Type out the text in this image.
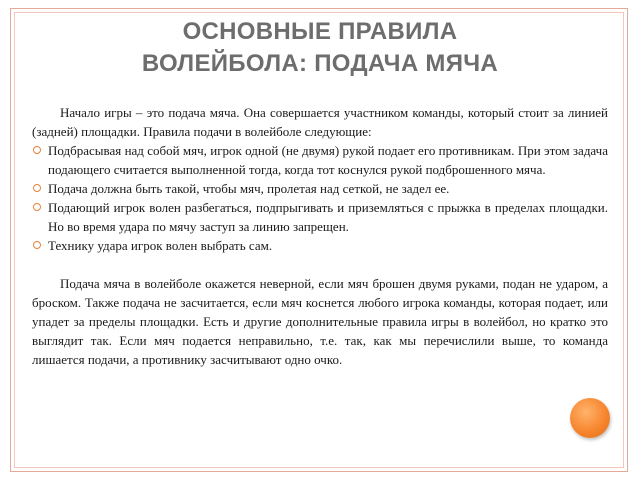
ОСНОВНЫЕ ПРАВИЛА
ВОЛЕЙБОЛА: ПОДАЧА МЯЧА

Начало игры – это подача мяча. Она совершается участником команды, который стоит за линией (задней) площадки. Правила подачи в волейболе следующие:

Подбрасывая над собой мяч, игрок одной (не двумя) рукой подает его противникам. При этом задача подающего считается выполненной тогда, когда тот коснулся рукой подброшенного мяча.
Подача должна быть такой, чтобы мяч, пролетая над сеткой, не задел ее.
Подающий игрок волен разбегаться, подпрыгивать и приземляться с прыжка в пределах площадки. Но во время удара по мячу заступ за линию запрещен.
Технику удара игрок волен выбрать сам.

Подача мяча в волейболе окажется неверной, если мяч брошен двумя руками, подан не ударом, а броском. Также подача не засчитается, если мяч коснется любого игрока команды, которая подает, или упадет за пределы площадки. Есть и другие дополнительные правила игры в волейбол, но кратко это выглядит так. Если мяч подается неправильно, т.е. так, как мы перечислили выше, то команда лишается подачи, а противнику засчитывают одно очко.
